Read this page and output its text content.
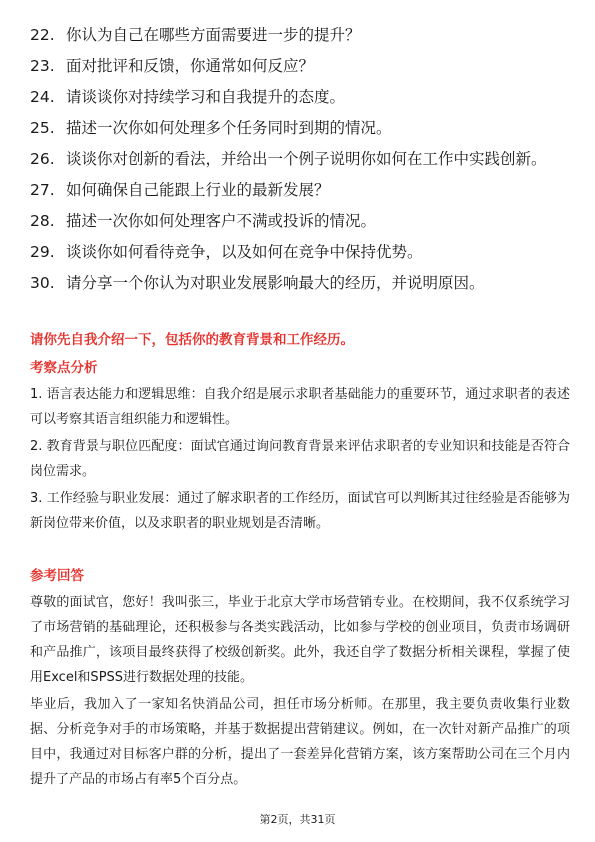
22. 你认为自己在哪些方面需要进一步的提升？
23. 面对批评和反馈，你通常如何反应？
24. 请谈谈你对持续学习和自我提升的态度。
25. 描述一次你如何处理多个任务同时到期的情况。
26. 谈谈你对创新的看法，并给出一个例子说明你如何在工作中实践创新。
27. 如何确保自己能跟上行业的最新发展？
28. 描述一次你如何处理客户不满或投诉的情况。
29. 谈谈你如何看待竞争，以及如何在竞争中保持优势。
30. 请分享一个你认为对职业发展影响最大的经历，并说明原因。
请你先自我介绍一下，包括你的教育背景和工作经历。
考察点分析
1. 语言表达能力和逻辑思维：自我介绍是展示求职者基础能力的重要环节，通过求职者的表述可以考察其语言组织能力和逻辑性。
2. 教育背景与职位匹配度：面试官通过询问教育背景来评估求职者的专业知识和技能是否符合岗位需求。
3. 工作经验与职业发展：通过了解求职者的工作经历，面试官可以判断其过往经验是否能够为新岗位带来价值，以及求职者的职业规划是否清晰。
参考回答
尊敬的面试官，您好！我叫张三，毕业于北京大学市场营销专业。在校期间，我不仅系统学习了市场营销的基础理论，还积极参与各类实践活动，比如参与学校的创业项目，负责市场调研和产品推广，该项目最终获得了校级创新奖。此外，我还自学了数据分析相关课程，掌握了使用Excel和SPSS进行数据处理的技能。
毕业后，我加入了一家知名快消品公司，担任市场分析师。在那里，我主要负责收集行业数据、分析竞争对手的市场策略，并基于数据提出营销建议。例如，在一次针对新产品推广的项目中，我通过对目标客户群的分析，提出了一套差异化营销方案，该方案帮助公司在三个月内提升了产品的市场占有率5个百分点。
第2页，共31页
